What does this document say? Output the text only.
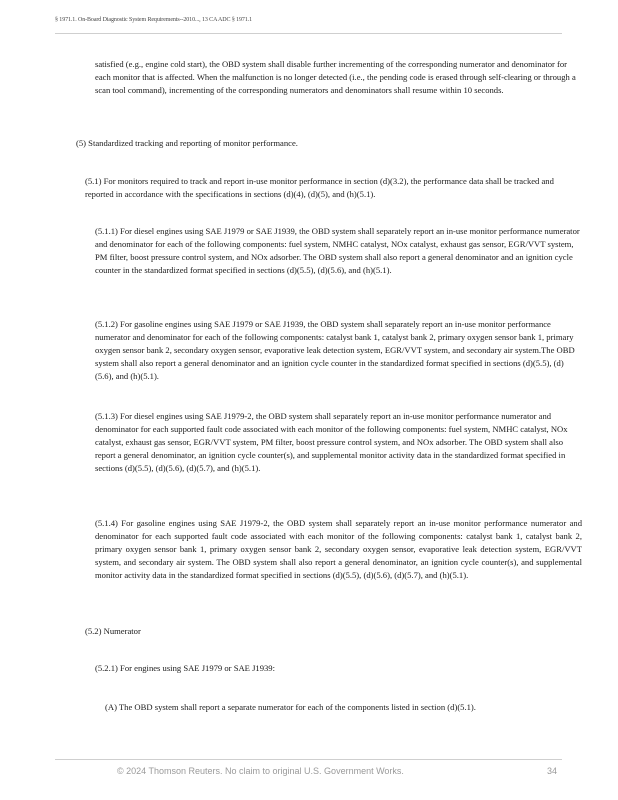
§ 1971.1. On-Board Diagnostic System Requirements--2010..., 13 CA ADC § 1971.1

satisfied (e.g., engine cold start), the OBD system shall disable further incrementing of the corresponding numerator and denominator for each monitor that is affected. When the malfunction is no longer detected (i.e., the pending code is erased through self-clearing or through a scan tool command), incrementing of the corresponding numerators and denominators shall resume within 10 seconds.

(5) Standardized tracking and reporting of monitor performance.

(5.1) For monitors required to track and report in-use monitor performance in section (d)(3.2), the performance data shall be tracked and reported in accordance with the specifications in sections (d)(4), (d)(5), and (h)(5.1).

(5.1.1) For diesel engines using SAE J1979 or SAE J1939, the OBD system shall separately report an in-use monitor performance numerator and denominator for each of the following components: fuel system, NMHC catalyst, NOx catalyst, exhaust gas sensor, EGR/VVT system, PM filter, boost pressure control system, and NOx adsorber. The OBD system shall also report a general denominator and an ignition cycle counter in the standardized format specified in sections (d)(5.5), (d)(5.6), and (h)(5.1).

(5.1.2) For gasoline engines using SAE J1979 or SAE J1939, the OBD system shall separately report an in-use monitor performance numerator and denominator for each of the following components: catalyst bank 1, catalyst bank 2, primary oxygen sensor bank 1, primary oxygen sensor bank 2, secondary oxygen sensor, evaporative leak detection system, EGR/VVT system, and secondary air system.The OBD system shall also report a general denominator and an ignition cycle counter in the standardized format specified in sections (d)(5.5), (d)(5.6), and (h)(5.1).

(5.1.3) For diesel engines using SAE J1979-2, the OBD system shall separately report an in-use monitor performance numerator and denominator for each supported fault code associated with each monitor of the following components: fuel system, NMHC catalyst, NOx catalyst, exhaust gas sensor, EGR/VVT system, PM filter, boost pressure control system, and NOx adsorber. The OBD system shall also report a general denominator, an ignition cycle counter(s), and supplemental monitor activity data in the standardized format specified in sections (d)(5.5), (d)(5.6), (d)(5.7), and (h)(5.1).

(5.1.4) For gasoline engines using SAE J1979-2, the OBD system shall separately report an in-use monitor performance numerator and denominator for each supported fault code associated with each monitor of the following components: catalyst bank 1, catalyst bank 2, primary oxygen sensor bank 1, primary oxygen sensor bank 2, secondary oxygen sensor, evaporative leak detection system, EGR/VVT system, and secondary air system. The OBD system shall also report a general denominator, an ignition cycle counter(s), and supplemental monitor activity data in the standardized format specified in sections (d)(5.5), (d)(5.6), (d)(5.7), and (h)(5.1).

(5.2) Numerator

(5.2.1) For engines using SAE J1979 or SAE J1939:

(A) The OBD system shall report a separate numerator for each of the components listed in section (d)(5.1).

© 2024 Thomson Reuters. No claim to original U.S. Government Works.	34
